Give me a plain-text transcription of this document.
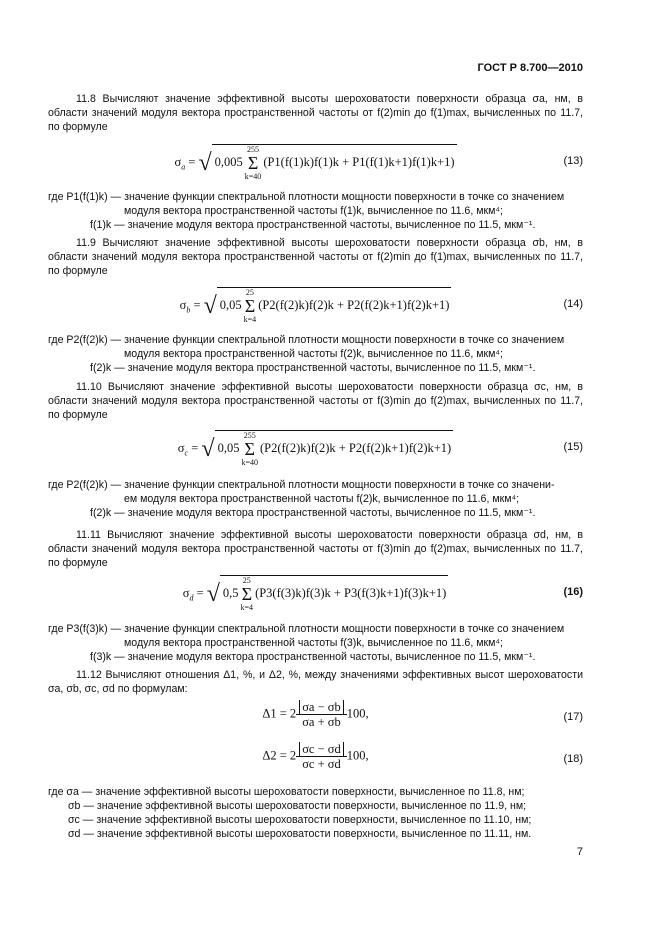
ГОСТ Р 8.700—2010
11.8 Вычисляют значение эффективной высоты шероховатости поверхности образца σa, нм, в области значений модуля вектора пространственной частоты от f(2)min до f(1)max, вычисленных по 11.7, по формуле
$\sigma_a$ = √ 0,005255
Σ
k=40(P1(f(1)k)f(1)k + P1(f(1)k+1)f(1)k+1)	(13)
где P1(f(1)k) — значение функции спектральной плотности мощности поверхности в точке со значением
модуля вектора пространственной частоты f(1)k, вычисленное по 11.6, мкм⁴;
f(1)k — значение модуля вектора пространственной частоты, вычисленное по 11.5, мкм⁻¹.
11.9 Вычисляют значение эффективной высоты шероховатости поверхности образца σb, нм, в области значений модуля вектора пространственной частоты от f(2)min до f(1)max, вычисленных по 11.7, по формуле
$\sigma_b$ = √ 0,0525
Σ
k=4(P2(f(2)k)f(2)k + P2(f(2)k+1)f(2)k+1)	(14)
где P2(f(2)k) — значение функции спектральной плотности мощности поверхности в точке со значением
модуля вектора пространственной частоты f(2)k, вычисленное по 11.6, мкм⁴;
f(2)k — значение модуля вектора пространственной частоты, вычисленное по 11.5, мкм⁻¹.
11.10 Вычисляют значение эффективной высоты шероховатости поверхности образца σc, нм, в области значений модуля вектора пространственной частоты от f(3)min до f(2)max, вычисленных по 11.7, по формуле
$\sigma_c$ = √ 0,05255
Σ
k=40(P2(f(2)k)f(2)k + P2(f(2)k+1)f(2)k+1)	(15)
где P2(f(2)k) — значение функции спектральной плотности мощности поверхности в точке со значени-
ем модуля вектора пространственной частоты f(2)k, вычисленное по 11.6, мкм⁴;
f(2)k — значение модуля вектора пространственной частоты, вычисленное по 11.5, мкм⁻¹.
11.11 Вычисляют значение эффективной высоты шероховатости поверхности образца σd, нм, в области значений модуля вектора пространственной частоты от f(3)min до f(2)max, вычисленных по 11.7, по формуле
$\sigma_d$ = √ 0,525
Σ
k=4(P3(f(3)k)f(3)k + P3(f(3)k+1)f(3)k+1)	(16)
где P3(f(3)k) — значение функции спектральной плотности мощности поверхности в точке со значением
модуля вектора пространственной частоты f(3)k, вычисленное по 11.6, мкм⁴;
f(3)k — значение модуля вектора пространственной частоты, вычисленное по 11.5, мкм⁻¹.
11.12 Вычисляют отношения Δ1, %, и Δ2, %, между значениями эффективных высот шероховатости σa, σb, σc, σd по формулам:
$\Delta 1 = 2 \frac{\sigma a - \sigma b}{\sigma a + \sigma b} 100$,	(17)
$\Delta 2 = 2 \frac{\sigma c - \sigma d}{\sigma c + \sigma d} 100$,	(18)
где σa — значение эффективной высоты шероховатости поверхности, вычисленное по 11.8, нм;
σb — значение эффективной высоты шероховатости поверхности, вычисленное по 11.9, нм;
σc — значение эффективной высоты шероховатости поверхности, вычисленное по 11.10, нм;
σd — значение эффективной высоты шероховатости поверхности, вычисленное по 11.11, нм.
7
